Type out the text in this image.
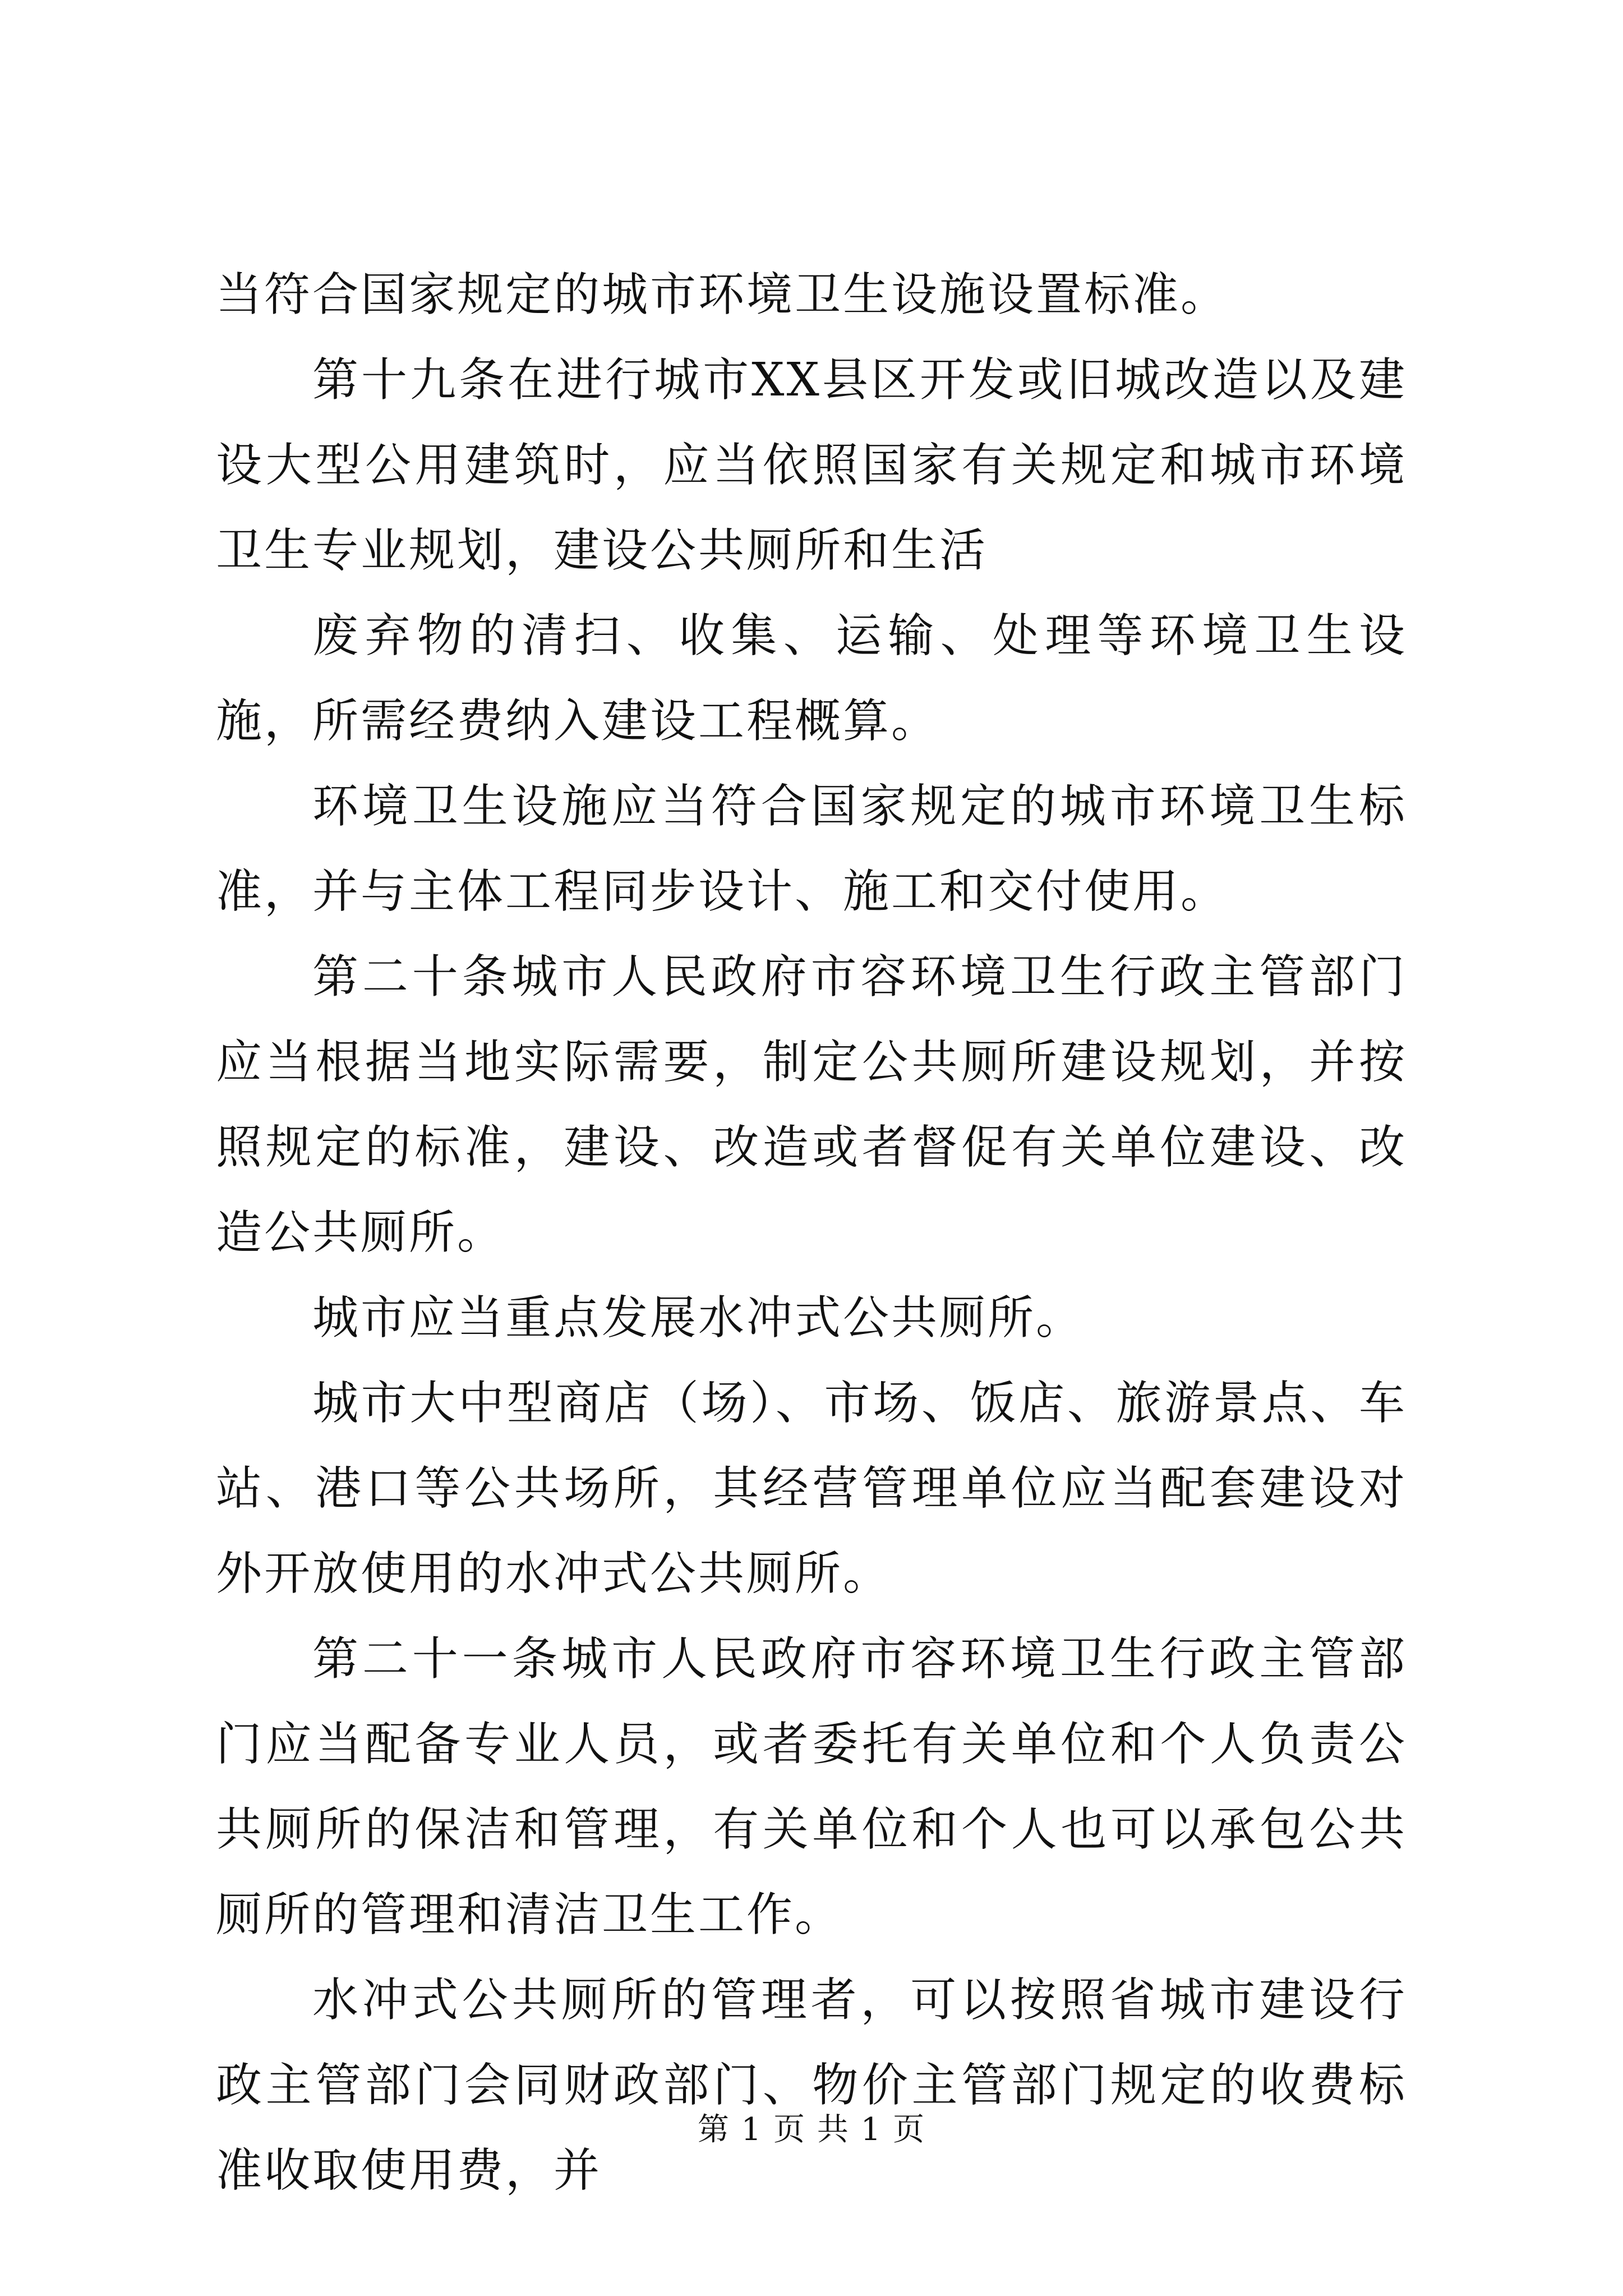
当符合国家规定的城市环境卫生设施设置标准。

第十九条在进行城市XX县区开发或旧城改造以及建设大型公用建筑时，应当依照国家有关规定和城市环境卫生专业规划，建设公共厕所和生活

废弃物的清扫、收集、运输、处理等环境卫生设施，所需经费纳入建设工程概算。

环境卫生设施应当符合国家规定的城市环境卫生标准，并与主体工程同步设计、施工和交付使用。

第二十条城市人民政府市容环境卫生行政主管部门应当根据当地实际需要，制定公共厕所建设规划，并按照规定的标准，建设、改造或者督促有关单位建设、改造公共厕所。

城市应当重点发展水冲式公共厕所。

城市大中型商店（场）、市场、饭店、旅游景点、车站、港口等公共场所，其经营管理单位应当配套建设对外开放使用的水冲式公共厕所。

第二十一条城市人民政府市容环境卫生行政主管部门应当配备专业人员，或者委托有关单位和个人负责公共厕所的保洁和管理，有关单位和个人也可以承包公共厕所的管理和清洁卫生工作。

水冲式公共厕所的管理者，可以按照省城市建设行政主管部门会同财政部门、物价主管部门规定的收费标准收取使用费，并

第 1 页 共 1 页
